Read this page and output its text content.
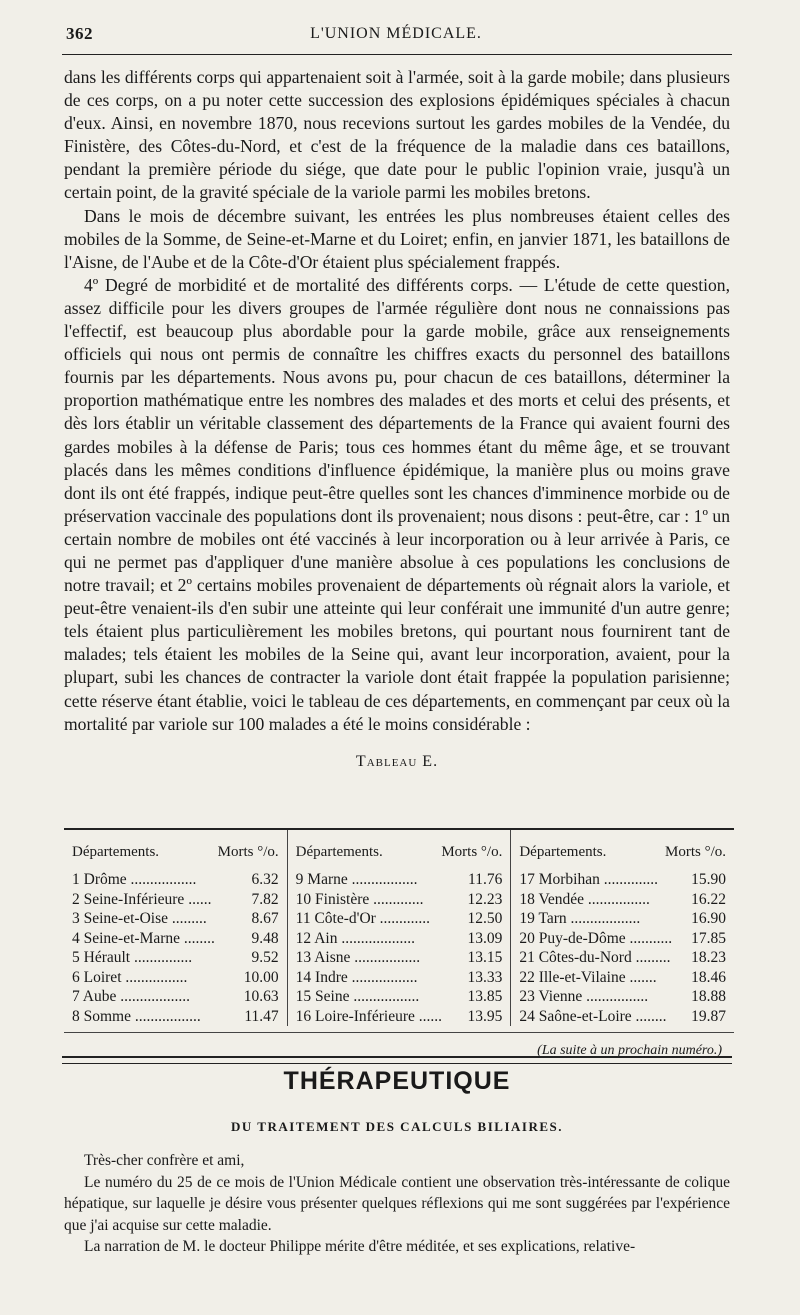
362	L'UNION MÉDICALE.

dans les différents corps qui appartenaient soit à l'armée, soit à la garde mobile; dans plusieurs de ces corps, on a pu noter cette succession des explosions épidémiques spéciales à chacun d'eux. Ainsi, en novembre 1870, nous recevions surtout les gardes mobiles de la Vendée, du Finistère, des Côtes-du-Nord, et c'est de la fréquence de la maladie dans ces bataillons, pendant la première période du siége, que date pour le public l'opinion vraie, jusqu'à un certain point, de la gravité spéciale de la variole parmi les mobiles bretons.

Dans le mois de décembre suivant, les entrées les plus nombreuses étaient celles des mobiles de la Somme, de Seine-et-Marne et du Loiret; enfin, en janvier 1871, les bataillons de l'Aisne, de l'Aube et de la Côte-d'Or étaient plus spécialement frappés.

4º Degré de morbidité et de mortalité des différents corps. — L'étude de cette question, assez difficile pour les divers groupes de l'armée régulière dont nous ne connaissions pas l'effectif, est beaucoup plus abordable pour la garde mobile, grâce aux renseignements officiels qui nous ont permis de connaître les chiffres exacts du personnel des bataillons fournis par les départements. Nous avons pu, pour chacun de ces bataillons, déterminer la proportion mathématique entre les nombres des malades et des morts et celui des présents, et dès lors établir un véritable classement des départements de la France qui avaient fourni des gardes mobiles à la défense de Paris; tous ces hommes étant du même âge, et se trouvant placés dans les mêmes conditions d'influence épidémique, la manière plus ou moins grave dont ils ont été frappés, indique peut-être quelles sont les chances d'imminence morbide ou de préservation vaccinale des populations dont ils provenaient; nous disons : peut-être, car : 1º un certain nombre de mobiles ont été vaccinés à leur incorporation ou à leur arrivée à Paris, ce qui ne permet pas d'appliquer d'une manière absolue à ces populations les conclusions de notre travail; et 2º certains mobiles provenaient de départements où régnait alors la variole, et peut-être venaient-ils d'en subir une atteinte qui leur conférait une immunité d'un autre genre; tels étaient plus particulièrement les mobiles bretons, qui pourtant nous fournirent tant de malades; tels étaient les mobiles de la Seine qui, avant leur incorporation, avaient, pour la plupart, subi les chances de contracter la variole dont était frappée la population parisienne; cette réserve étant établie, voici le tableau de ces départements, en commençant par ceux où la mortalité par variole sur 100 malades a été le moins considérable :

Tableau E.
Départements.	Morts °/o.
1 Drôme .................	6.32
2 Seine-Inférieure ......	7.82
3 Seine-et-Oise .........	8.67
4 Seine-et-Marne ........ 9.48
5 Hérault ...............	9.52
6 Loiret ................	10.00
7 Aube ..................	10.63
8 Somme .................	11.47
Départements.	Morts °/o.
9 Marne .................	11.76
10 Finistère .............	12.23
11 Côte-d'Or ............. 12.50
12 Ain ...................	13.09
13 Aisne .................	13.15
14 Indre .................	13.33
15 Seine .................	13.85
16 Loire-Inférieure ...... 13.95
Départements.	Morts °/o.
17 Morbihan .............. 15.90
18 Vendée ................	16.22
19 Tarn ..................	16.90
20 Puy-de-Dôme ........... 17.85
21 Côtes-du-Nord ......... 18.23
22 Ille-et-Vilaine ....... 18.46
23 Vienne ................	18.88
24 Saône-et-Loire ........ 19.87
(La suite à un prochain numéro.)
THÉRAPEUTIQUE
DU TRAITEMENT DES CALCULS BILIAIRES.

Très-cher confrère et ami,

Le numéro du 25 de ce mois de l'Union Médicale contient une observation très-intéressante de colique hépatique, sur laquelle je désire vous présenter quelques réflexions qui me sont suggérées par l'expérience que j'ai acquise sur cette maladie.

La narration de M. le docteur Philippe mérite d'être méditée, et ses explications, relative-
